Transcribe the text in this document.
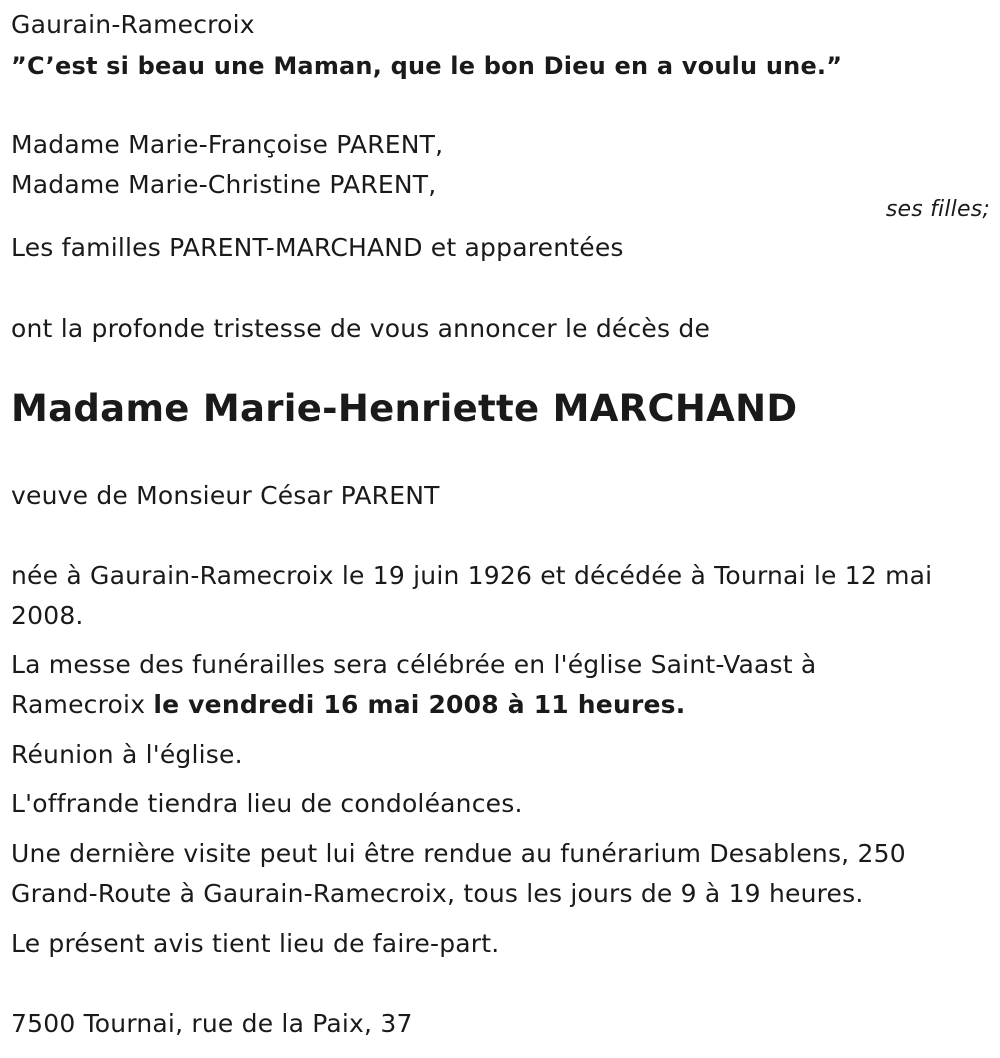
Gaurain-Ramecroix
”C’est si beau une Maman, que le bon Dieu en a voulu une.”
Madame Marie-Françoise PARENT,
Madame Marie-Christine PARENT,
ses filles;
Les familles PARENT-MARCHAND et apparentées
ont la profonde tristesse de vous annoncer le décès de
Madame Marie-Henriette MARCHAND
veuve de Monsieur César PARENT
née à Gaurain-Ramecroix le 19 juin 1926 et décédée à Tournai le 12 mai
2008.
La messe des funérailles sera célébrée en l'église Saint-Vaast à
Ramecroix le vendredi 16 mai 2008 à 11 heures.
Réunion à l'église.
L'offrande tiendra lieu de condoléances.
Une dernière visite peut lui être rendue au funérarium Desablens, 250
Grand-Route à Gaurain-Ramecroix, tous les jours de 9 à 19 heures.
Le présent avis tient lieu de faire-part.
7500 Tournai, rue de la Paix, 37
